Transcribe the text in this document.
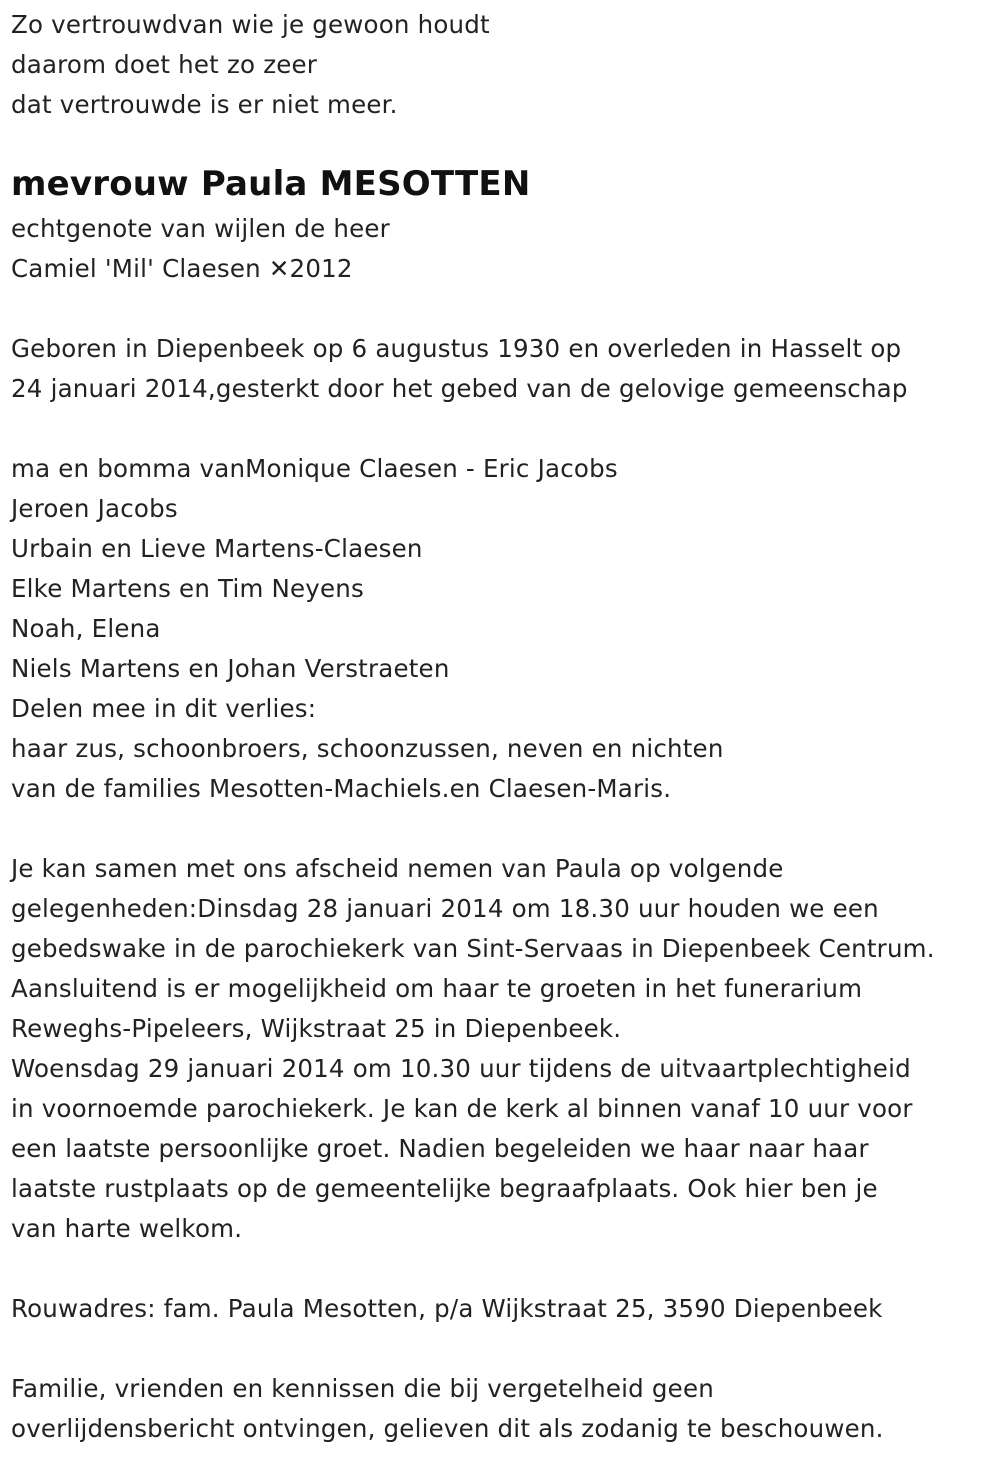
Zo vertrouwdvan wie je gewoon houdt
daarom doet het zo zeer
dat vertrouwde is er niet meer.
mevrouw Paula MESOTTEN
echtgenote van wijlen de heer
Camiel 'Mil' Claesen ✕2012
Geboren in Diepenbeek op 6 augustus 1930 en overleden in Hasselt op
24 januari 2014,gesterkt door het gebed van de gelovige gemeenschap
ma en bomma vanMonique Claesen - Eric Jacobs
Jeroen Jacobs
Urbain en Lieve Martens-Claesen
Elke Martens en Tim Neyens
Noah, Elena
Niels Martens en Johan Verstraeten
Delen mee in dit verlies:
haar zus, schoonbroers, schoonzussen, neven en nichten
van de families Mesotten-Machiels.en Claesen-Maris.
Je kan samen met ons afscheid nemen van Paula op volgende
gelegenheden:Dinsdag 28 januari 2014 om 18.30 uur houden we een
gebedswake in de parochiekerk van Sint-Servaas in Diepenbeek Centrum.
Aansluitend is er mogelijkheid om haar te groeten in het funerarium
Reweghs-Pipeleers, Wijkstraat 25 in Diepenbeek.
Woensdag 29 januari 2014 om 10.30 uur tijdens de uitvaartplechtigheid
in voornoemde parochiekerk. Je kan de kerk al binnen vanaf 10 uur voor
een laatste persoonlijke groet. Nadien begeleiden we haar naar haar
laatste rustplaats op de gemeentelijke begraafplaats. Ook hier ben je
van harte welkom.
Rouwadres: fam. Paula Mesotten, p/a Wijkstraat 25, 3590 Diepenbeek
Familie, vrienden en kennissen die bij vergetelheid geen
overlijdensbericht ontvingen, gelieven dit als zodanig te beschouwen.
